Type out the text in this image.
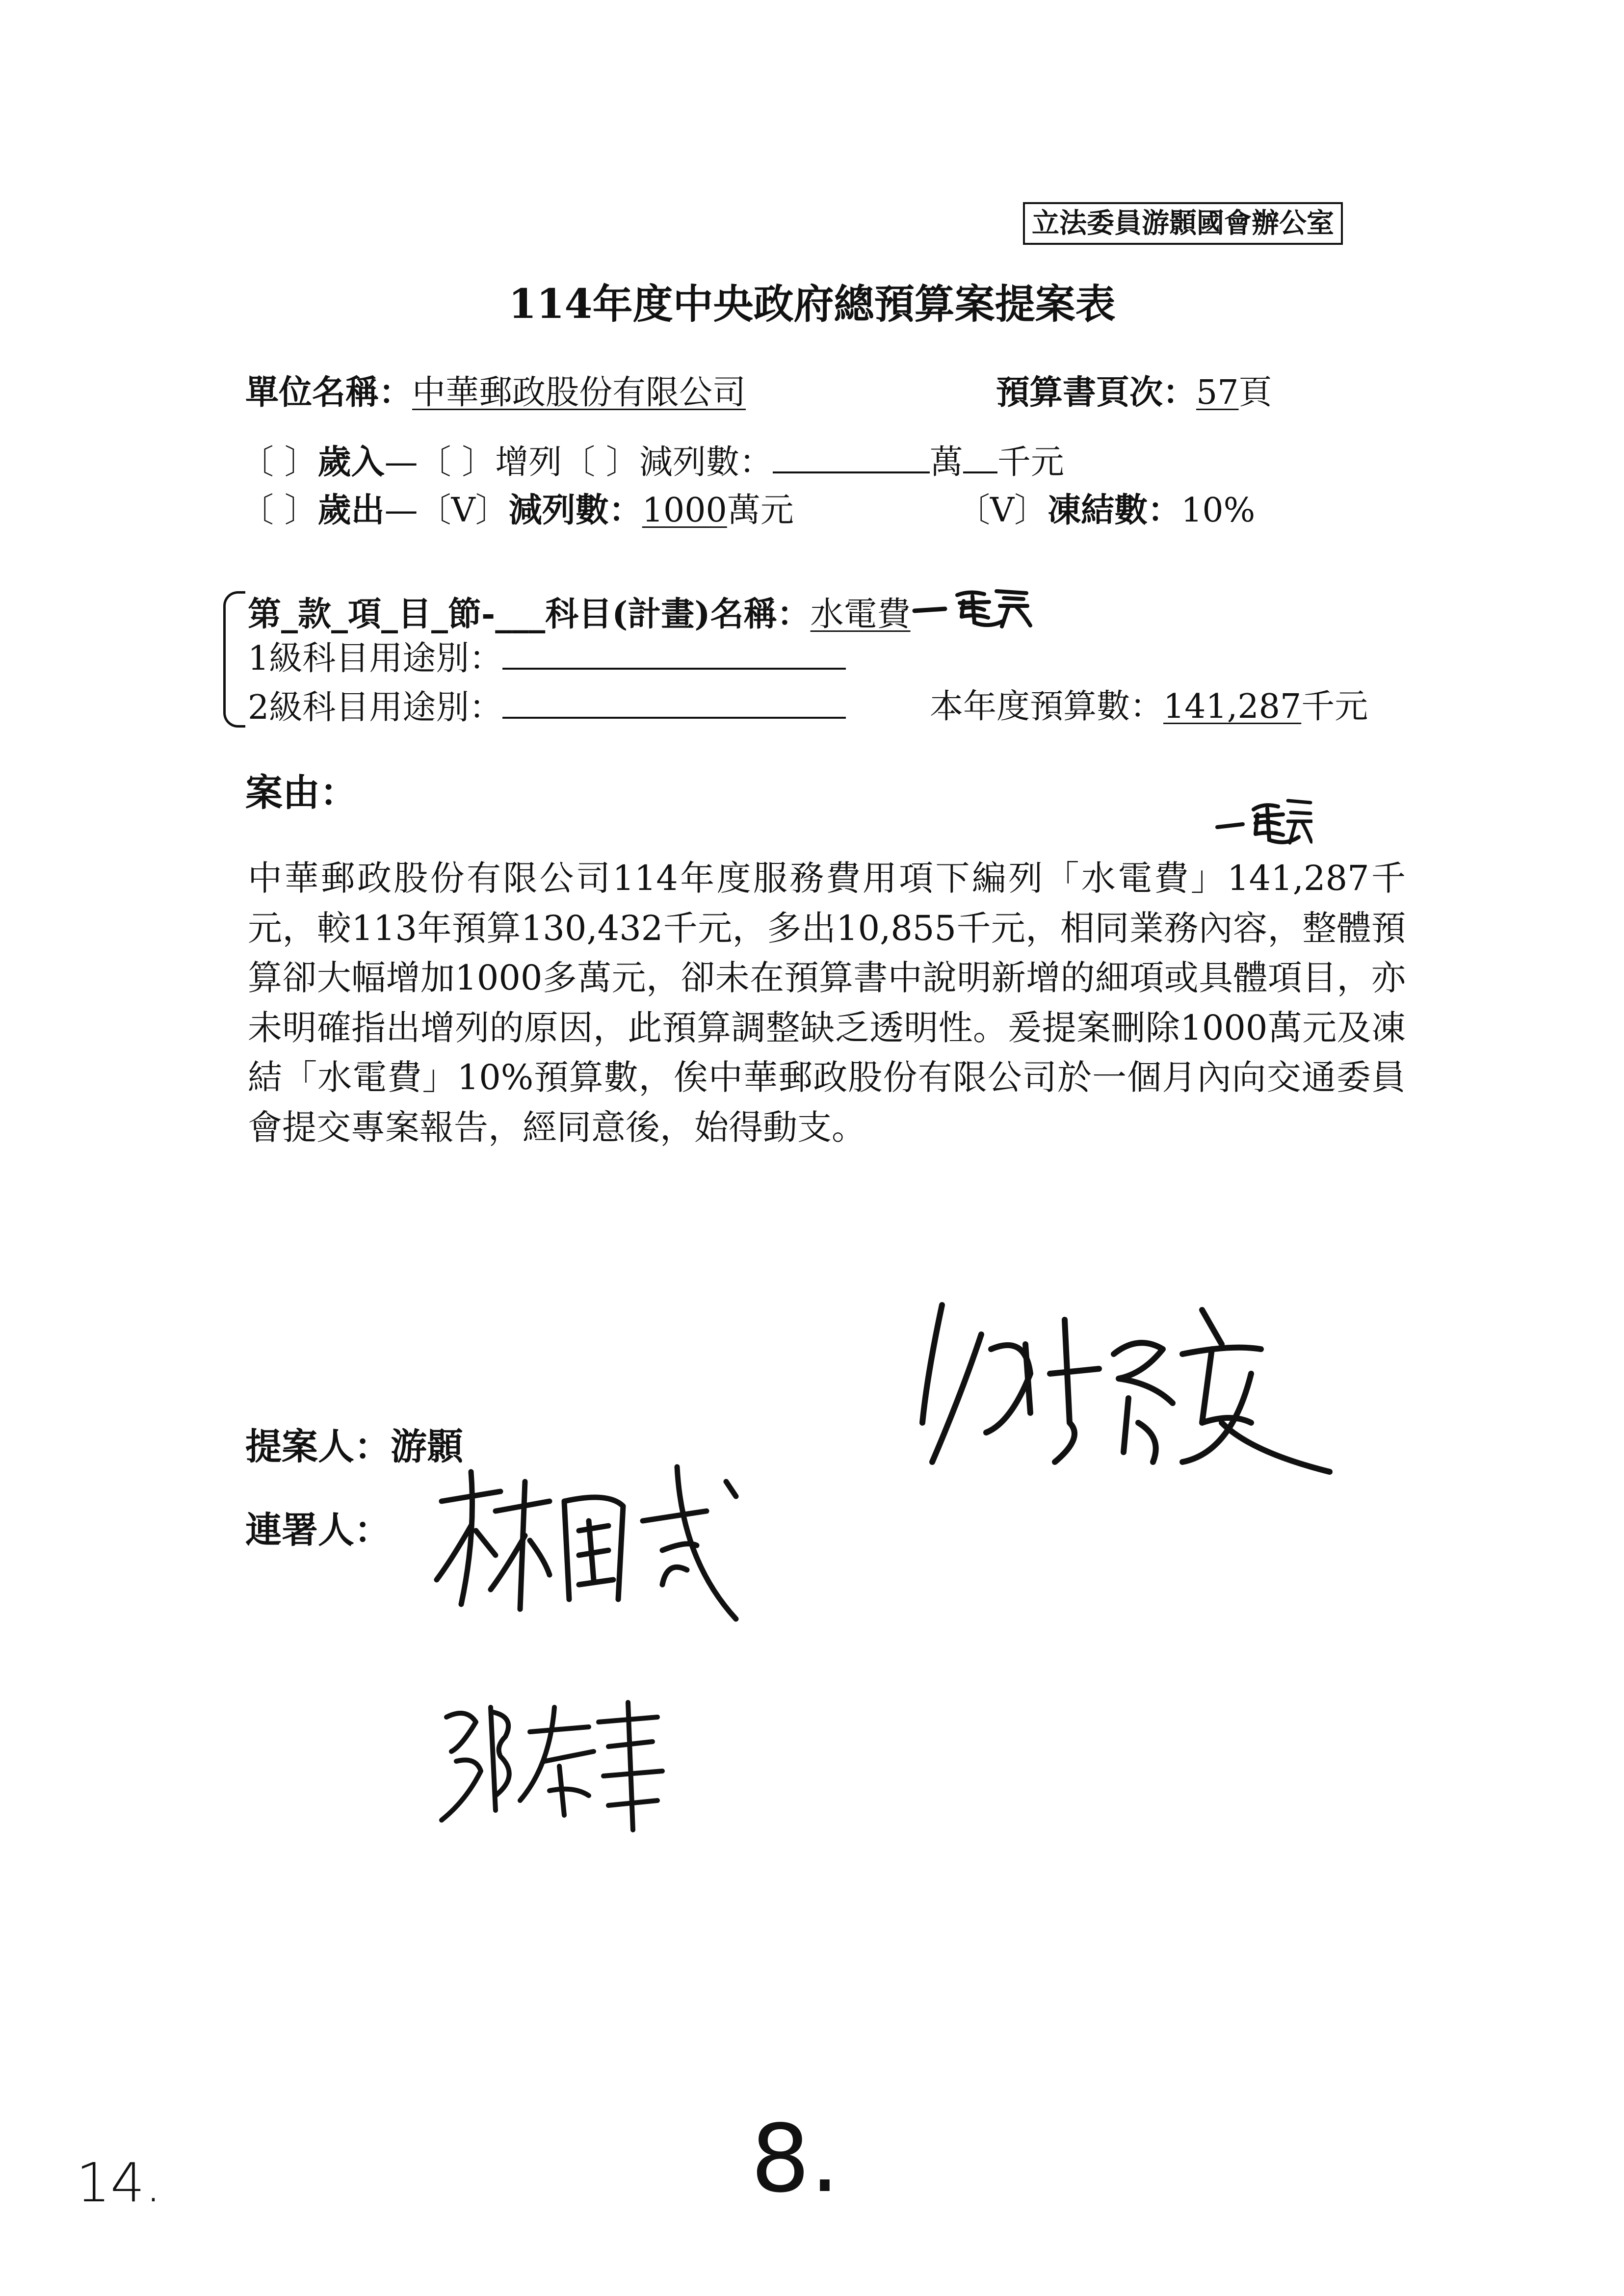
立法委員游顥國會辦公室
114年度中央政府總預算案提案表
單位名稱：中華郵政股份有限公司	預算書頁次：57頁
〔 〕歲入—〔 〕增列〔 〕減列數：	萬 千元
〔 〕歲出—〔V〕減列數：1000萬元	〔V〕凍結數：10%
第_款_項_目_節-___科目(計畫)名稱：水電費
1級科目用途別：
2級科目用途別：	本年度預算數：141,287千元
案由：
中華郵政股份有限公司114年度服務費用項下編列「水電費」141,287千元，較113年預算130,432千元，多出10,855千元，相同業務內容，整體預算卻大幅增加1000多萬元，卻未在預算書中說明新增的細項或具體項目，亦未明確指出增列的原因，此預算調整缺乏透明性。爰提案刪除1000萬元及凍結「水電費」10%預算數，俟中華郵政股份有限公司於一個月內向交通委員會提交專案報告，經同意後，始得動支。
提案人：游顥
連署人：
8.
14.
